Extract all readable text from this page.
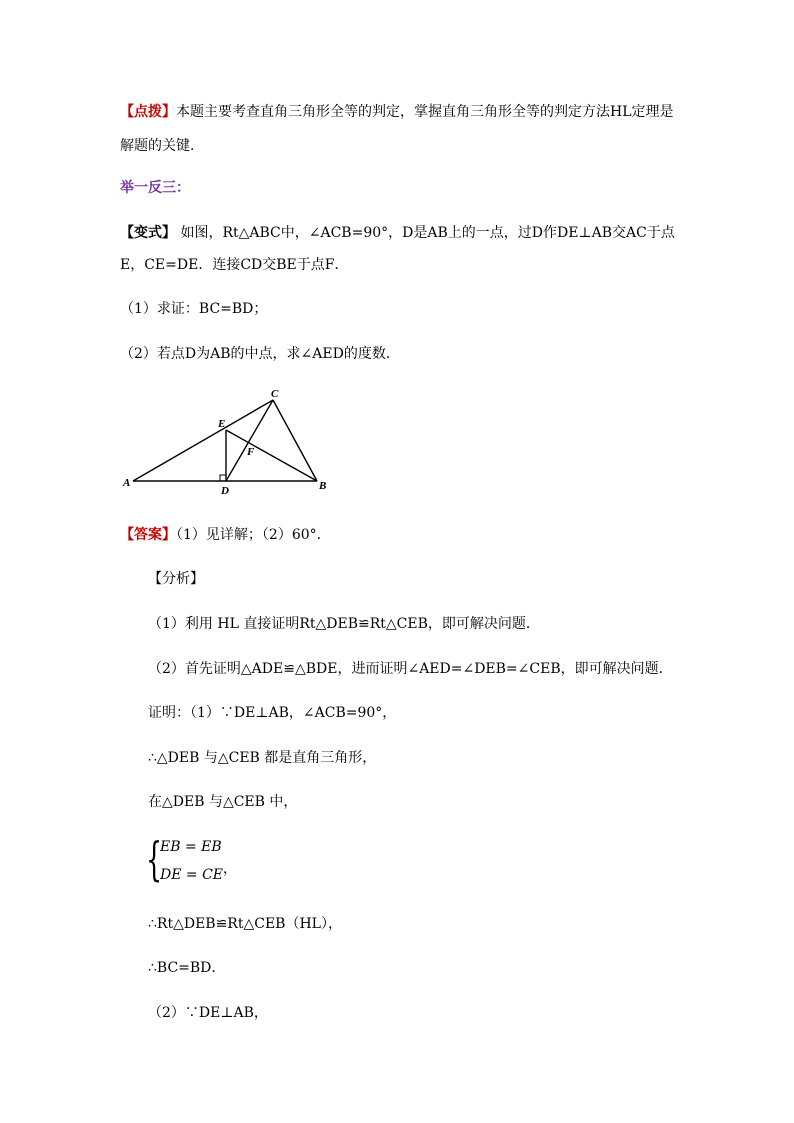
【点拨】本题主要考查直角三角形全等的判定，掌握直角三角形全等的判定方法HL定理是
解题的关键．
举一反三：
【变式】 如图，Rt△ABC中，∠ACB=90°，D是AB上的一点，过D作DE⊥AB交AC于点
E，CE=DE．连接CD交BE于点F．
（1）求证：BC=BD；
（2）若点D为AB的中点，求∠AED的度数．
A	B
C
D
E
F
【答案】（1）见详解；（2）60°．
【分析】
（1）利用 HL 直接证明Rt△DEB≌Rt△CEB，即可解决问题．
（2）首先证明△ADE≌△BDE，进而证明∠AED=∠DEB=∠CEB，即可解决问题．
证明：（1）∵DE⊥AB，∠ACB=90°，
∴△DEB 与△CEB 都是直角三角形，
在△DEB 与△CEB 中，
{
EB = EB
DE = CE，
∴Rt△DEB≌Rt△CEB（HL），
∴BC=BD．
（2）∵DE⊥AB，
